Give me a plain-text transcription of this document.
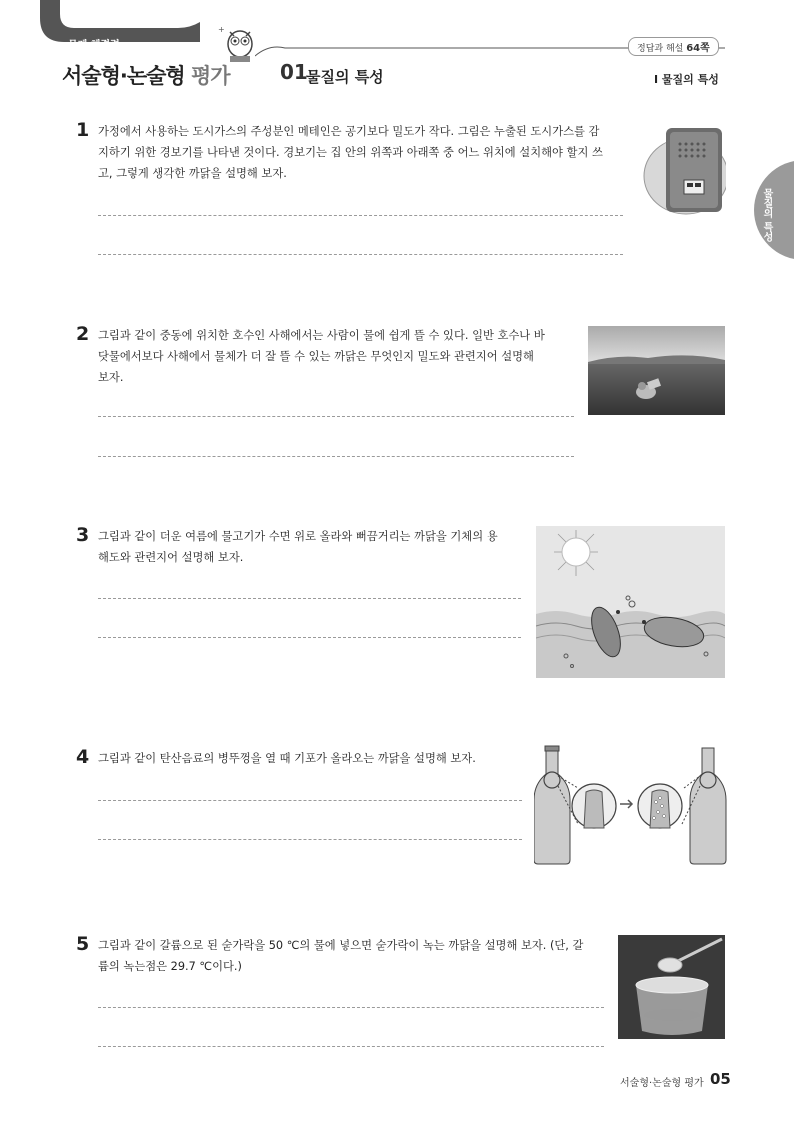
문제 해결력
+
서술형·논술형 평가	01
물질의 특성
정답과 해설 64쪽
Ⅰ 물질의 특성
물질의 특성
1 가정에서 사용하는 도시가스의 주성분인 메테인은 공기보다 밀도가 작다. 그림은 누출된 도시가스를 감
지하기 위한 경보기를 나타낸 것이다. 경보기는 집 안의 위쪽과 아래쪽 중 어느 위치에 설치해야 할지 쓰
고, 그렇게 생각한 까닭을 설명해 보자.
2 그림과 같이 중동에 위치한 호수인 사해에서는 사람이 물에 쉽게 뜰 수 있다. 일반 호수나 바
닷물에서보다 사해에서 물체가 더 잘 뜰 수 있는 까닭은 무엇인지 밀도와 관련지어 설명해
보자.
3 그림과 같이 더운 여름에 물고기가 수면 위로 올라와 뻐끔거리는 까닭을 기체의 용
해도와 관련지어 설명해 보자.
4 그림과 같이 탄산음료의 병뚜껑을 열 때 기포가 올라오는 까닭을 설명해 보자.
5 그림과 같이 갈륨으로 된 숟가락을 50 ℃의 물에 넣으면 숟가락이 녹는 까닭을 설명해 보자. (단, 갈
륨의 녹는점은 29.7 ℃이다.)
서술형·논술형 평가 05
